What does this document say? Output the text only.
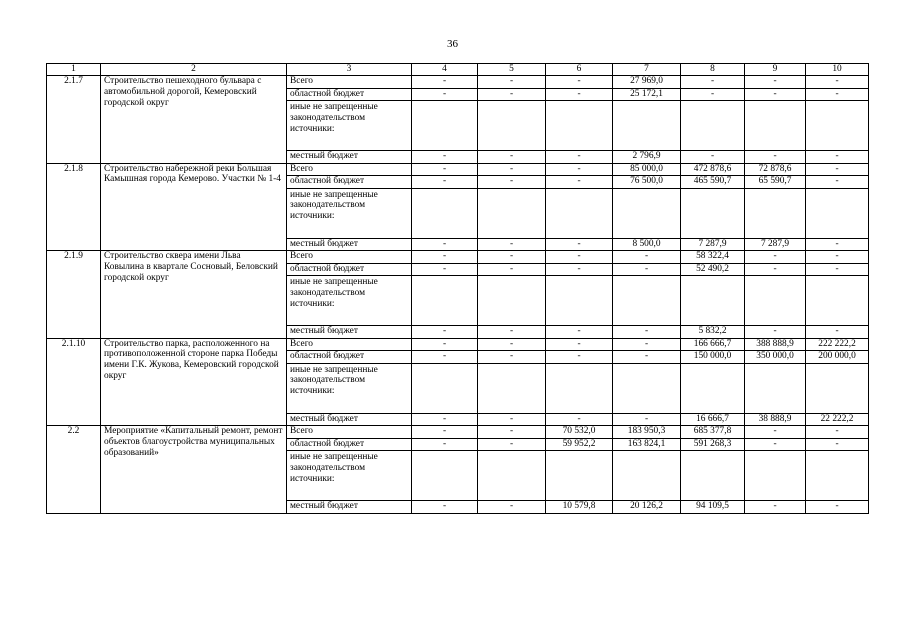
36
1	2	3	4	5	6	7	8	9	10
2.1.7	Строительство пешеходного бульвара с автомобильной дорогой, Кемеровский городской округ	Всего	-	-	-	27 969,0	-	-	-
		областной бюджет	-	-	-	25 172,1	-	-	-
		иные не запрещенные законодательством источники:							
		местный бюджет	-	-	-	2 796,9	-	-	-
2.1.8	Строительство набережной реки Большая Камышная города Кемерово. Участки № 1-4	Всего	-	-	-	85 000,0	472 878,6	72 878,6	-
		областной бюджет	-	-	-	76 500,0	465 590,7	65 590,7	-
		иные не запрещенные законодательством источники:							
		местный бюджет	-	-	-	8 500,0	7 287,9	7 287,9	-
2.1.9	Строительство сквера имени Льва Ковылина в квартале Сосновый, Беловский городской округ	Всего	-	-	-	-	58 322,4	-	-
		областной бюджет	-	-	-	-	52 490,2	-	-
		иные не запрещенные законодательством источники:							
		местный бюджет	-	-	-	-	5 832,2	-	-
2.1.10	Строительство парка, расположенного на противоположенной стороне парка Победы имени Г.К. Жукова, Кемеровский городской округ	Всего	-	-	-	-	166 666,7	388 888,9	222 222,2
		областной бюджет	-	-	-	-	150 000,0	350 000,0	200 000,0
		иные не запрещенные законодательством источники:							
		местный бюджет	-	-	-	-	16 666,7	38 888,9	22 222,2
2.2	Мероприятие «Капитальный ремонт, ремонт объектов благоустройства муниципальных образований»	Всего	-	-	70 532,0	183 950,3	685 377,8	-	-
		областной бюджет	-	-	59 952,2	163 824,1	591 268,3	-	-
		иные не запрещенные законодательством источники:							
		местный бюджет	-	-	10 579,8	20 126,2	94 109,5	-	-
